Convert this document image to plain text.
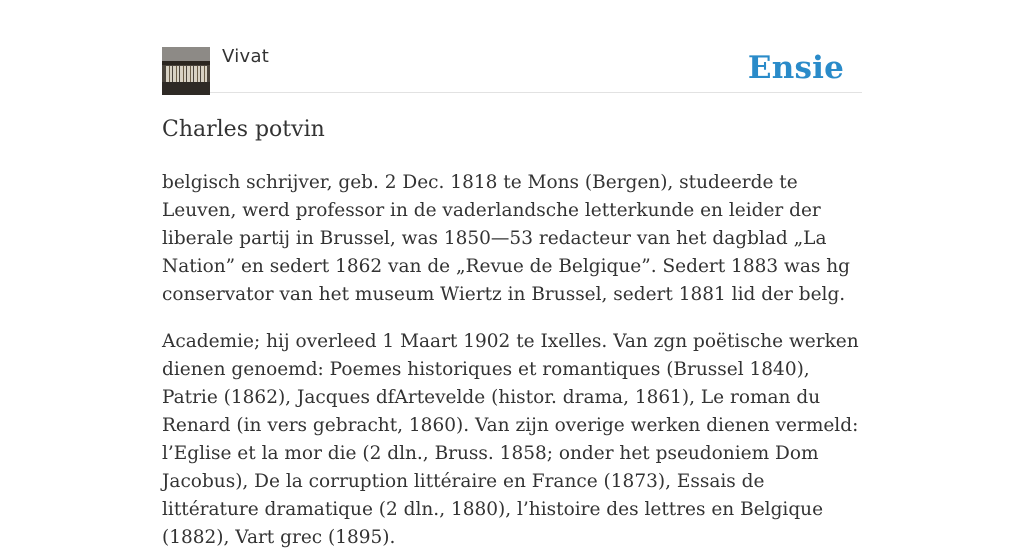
Vivat	Ensie
Charles potvin

belgisch schrijver, geb. 2 Dec. 1818 te Mons (Bergen), studeerde te Leuven, werd professor in de vaderlandsche letterkunde en leider der liberale partij in Brussel, was 1850—53 redacteur van het dagblad „La Nation” en sedert 1862 van de „Revue de Belgique”. Sedert 1883 was hg conservator van het museum Wiertz in Brussel, sedert 1881 lid der belg.

Academie; hij overleed 1 Maart 1902 te Ixelles. Van zgn poëtische werken dienen genoemd: Poemes historiques et romantiques (Brussel 1840), Patrie (1862), Jacques dfArtevelde (histor. drama, 1861), Le roman du Renard (in vers gebracht, 1860). Van zijn overige werken dienen vermeld: l’Eglise et la mor die (2 dln., Bruss. 1858; onder het pseudoniem Dom Jacobus), De la corruption littéraire en France (1873), Essais de littérature dramatique (2 dln., 1880), l’histoire des lettres en Belgique (1882), Vart grec (1895).
